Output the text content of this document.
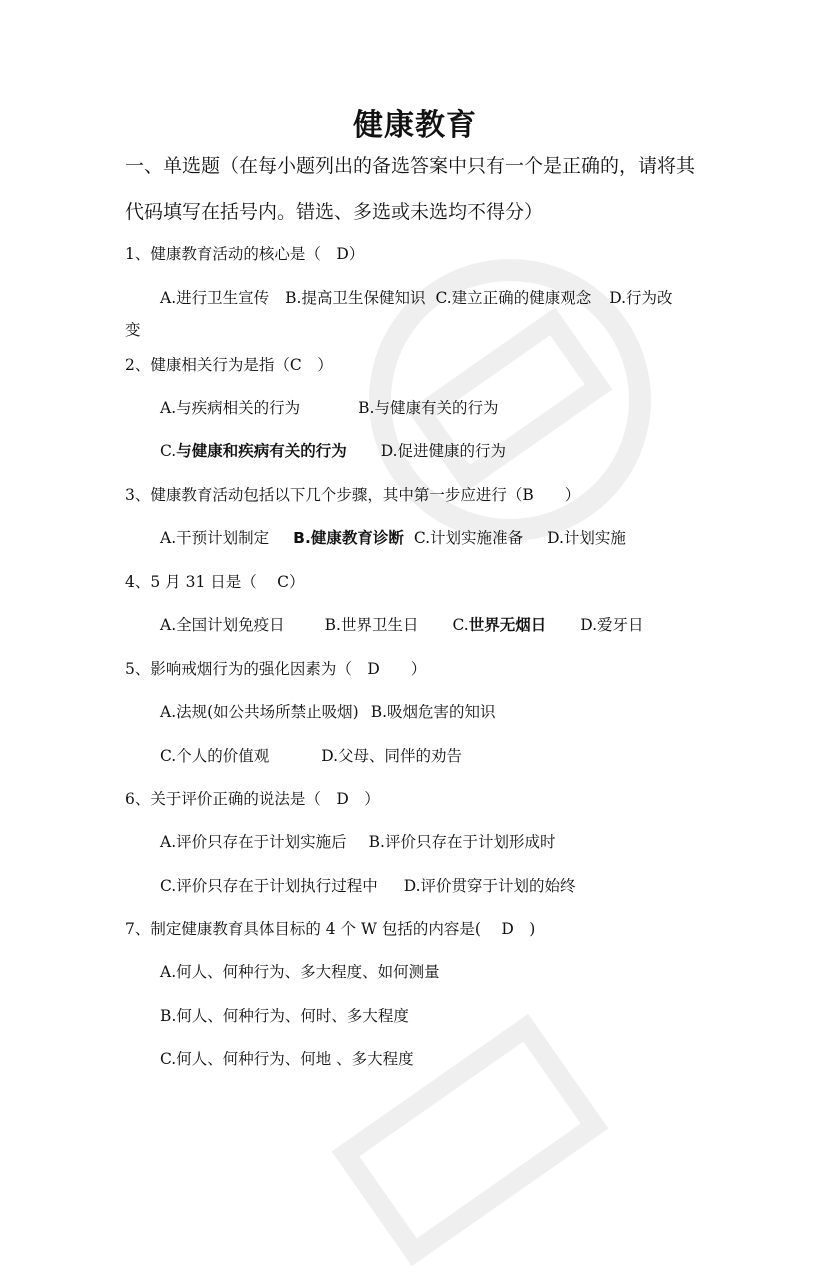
健康教育
一、单选题（在每小题列出的备选答案中只有一个是正确的，请将其
代码填写在括号内。错选、多选或未选均不得分）
1、健康教育活动的核心是（　D）
A.进行卫生宣传 B.提高卫生保健知识 C.建立正确的健康观念 D.行为改
变
2、健康相关行为是指（C　）
A.与疾病相关的行为	B.与健康有关的行为
C.与健康和疾病有关的行为 D.促进健康的行为
3、健康教育活动包括以下几个步骤，其中第一步应进行（B　　）
A.干预计划制定 B.健康教育诊断 C.计划实施准备 D.计划实施
4、5 月 31 日是（　 C）
A.全国计划免疫日	B.世界卫生日 C.世界无烟日 D.爱牙日
5、影响戒烟行为的强化因素为（　D　　）
A.法规(如公共场所禁止吸烟) B.吸烟危害的知识
C.个人的价值观	D.父母、同伴的劝告
6、关于评价正确的说法是（　D　）
A.评价只存在于计划实施后 B.评价只存在于计划形成时
C.评价只存在于计划执行过程中 D.评价贯穿于计划的始终
7、制定健康教育具体目标的 4 个 W 包括的内容是(　 D　)
A.何人、何种行为、多大程度、如何测量
B.何人、何种行为、何时、多大程度
C.何人、何种行为、何地 、多大程度
